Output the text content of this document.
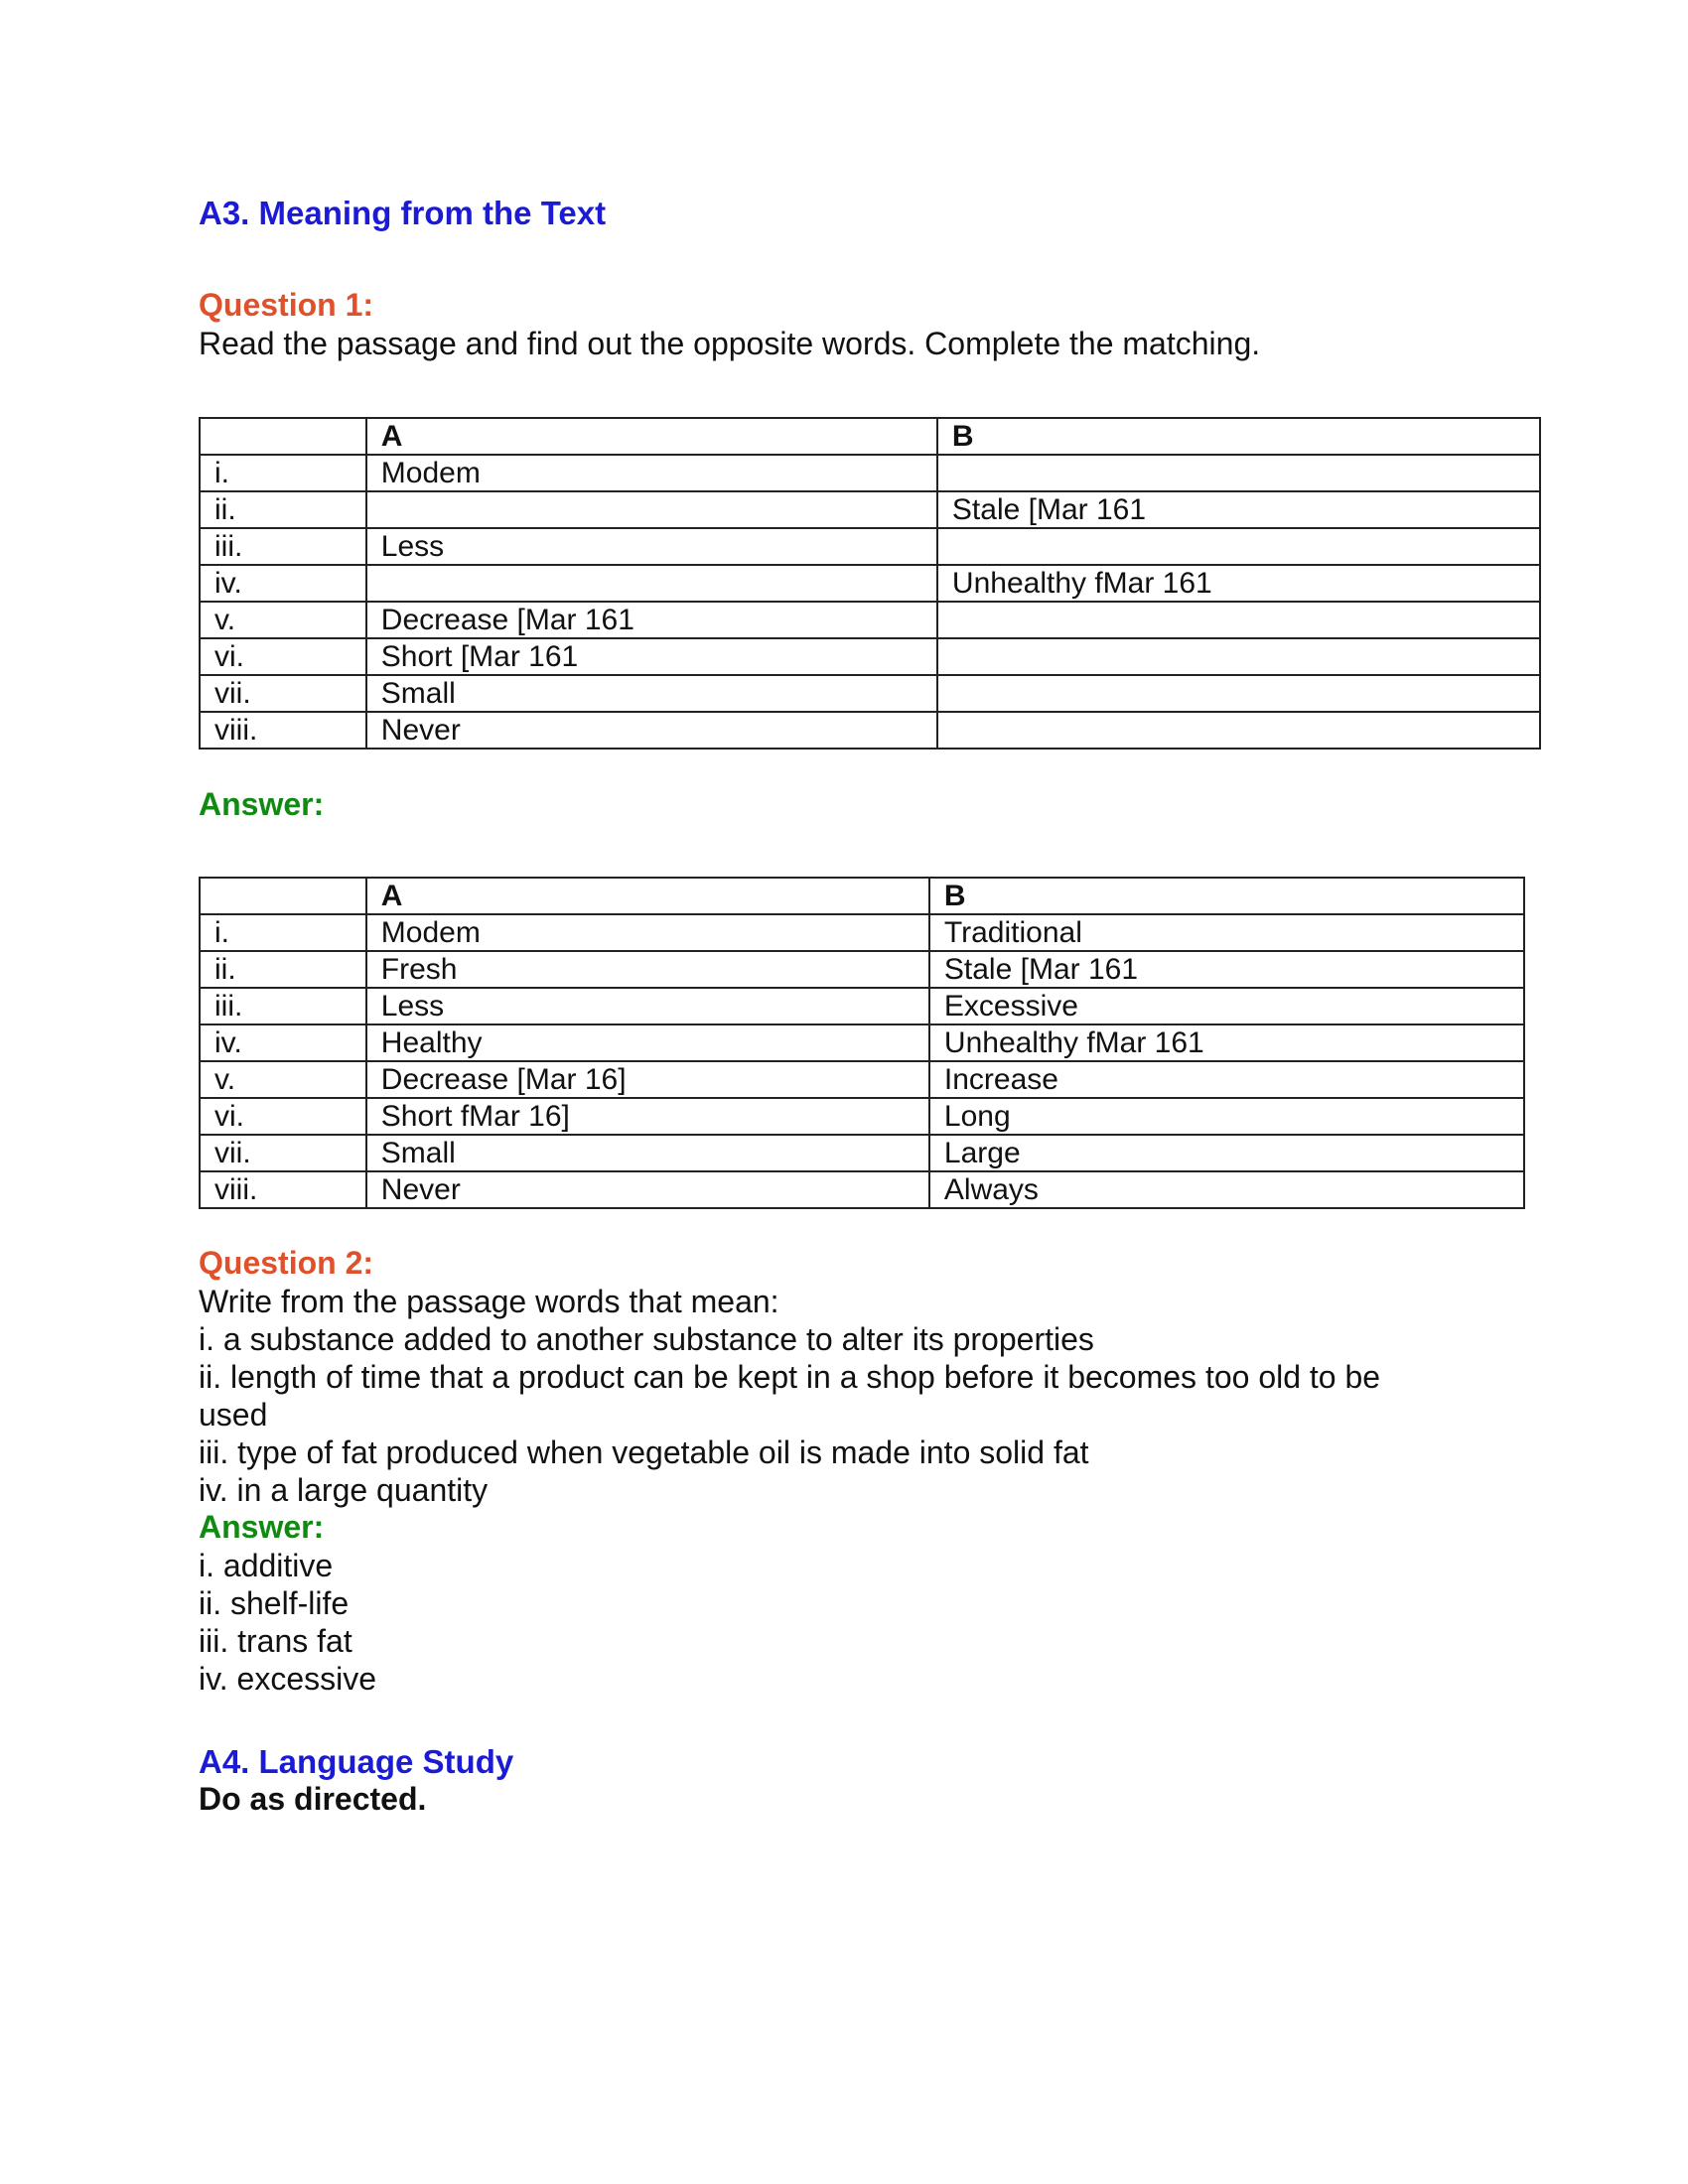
A3. Meaning from the Text
Question 1:

Read the passage and find out the opposite words. Complete the matching.

	A	B
i.	Modem	
ii.		Stale [Mar 161
iii.	Less	
iv.		Unhealthy fMar 161
v.	Decrease [Mar 161	
vi.	Short [Mar 161	
vii.	Small	
viii.	Never	
Answer:
	A	B
i.	Modem	Traditional
ii.	Fresh	Stale [Mar 161
iii.	Less	Excessive
iv.	Healthy	Unhealthy fMar 161
v.	Decrease [Mar 16]	Increase
vi.	Short fMar 16]	Long
vii.	Small	Large
viii.	Never	Always
Question 2:

Write from the passage words that mean:

i. a substance added to another substance to alter its properties
ii. length of time that a product can be kept in a shop before it becomes too old to be used
iii. type of fat produced when vegetable oil is made into solid fat
iv. in a large quantity
Answer:
i. additive
ii. shelf-life
iii. trans fat
iv. excessive
A4. Language Study

Do as directed.
